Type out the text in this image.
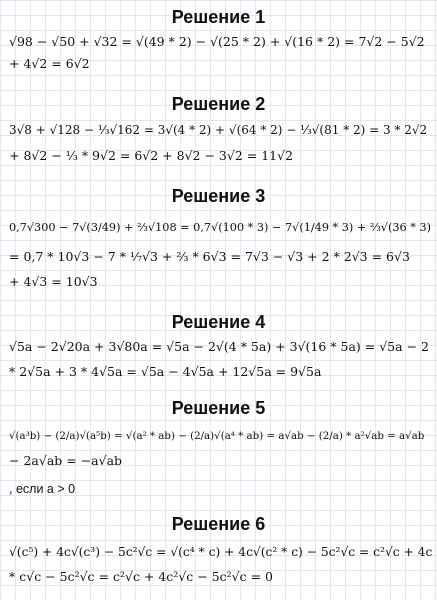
Решение 1
√98 − √50 + √32 = √(49 * 2) − √(25 * 2) + √(16 * 2) = 7√2 − 5√2
+ 4√2 = 6√2
Решение 2
3√8 + √128 − ⅓√162 = 3√(4 * 2) + √(64 * 2) − ⅓√(81 * 2) = 3 * 2√2
+ 8√2 − ⅓ * 9√2 = 6√2 + 8√2 − 3√2 = 11√2
Решение 3
0,7√300 − 7√(3/49) + ⅔√108 = 0,7√(100 * 3) − 7√(1/49 * 3) + ⅔√(36 * 3)
= 0,7 * 10√3 − 7 * ⅐√3 + ⅔ * 6√3 = 7√3 − √3 + 2 * 2√3 = 6√3
+ 4√3 = 10√3
Решение 4
√5a − 2√20a + 3√80a = √5a − 2√(4 * 5a) + 3√(16 * 5a) = √5a − 2
* 2√5a + 3 * 4√5a = √5a − 4√5a + 12√5a = 9√5a
Решение 5
√(a³b) − (2/a)√(a⁵b) = √(a² * ab) − (2/a)√(a⁴ * ab) = a√ab − (2/a) * a²√ab = a√ab
− 2a√ab = −a√ab
, если a > 0
Решение 6
√(c⁵) + 4c√(c³) − 5c²√c = √(c⁴ * c) + 4c√(c² * c) − 5c²√c = c²√c + 4c
* c√c − 5c²√c = c²√c + 4c²√c − 5c²√c = 0
